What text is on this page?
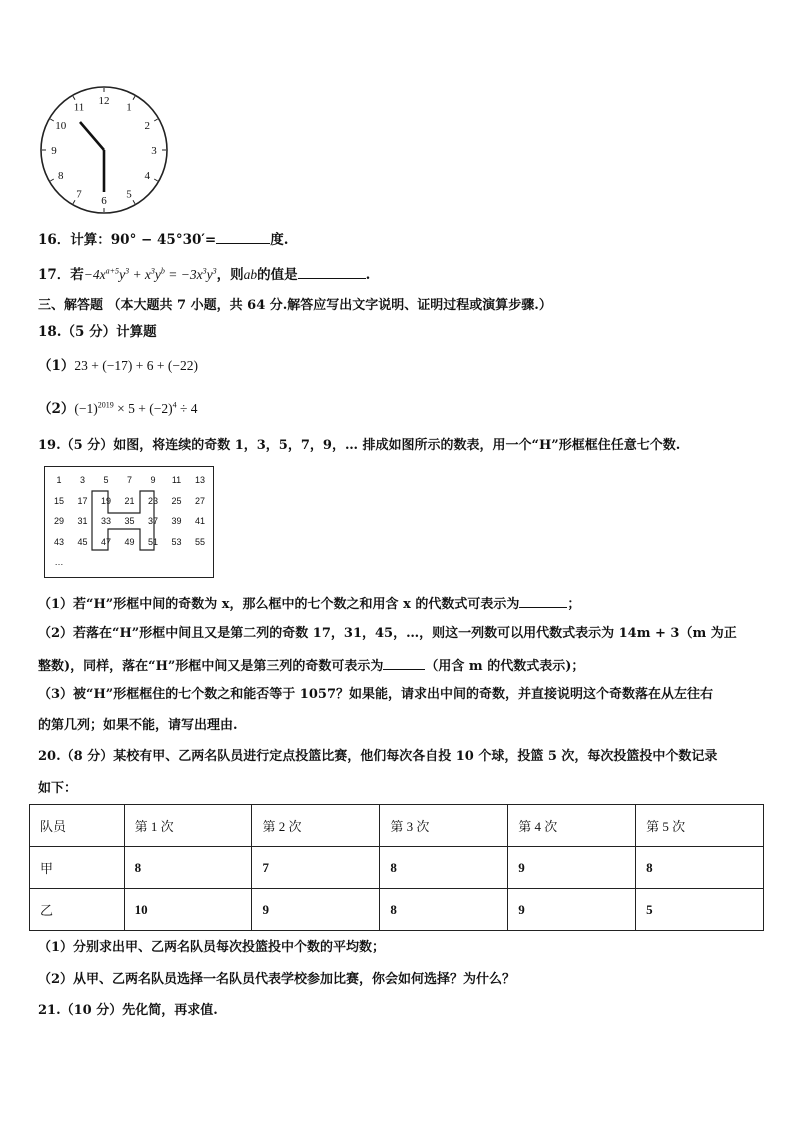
12
1
2
3
4
5
6
7
8
9
10
11
16．计算：90° − 45°30′=	度.
17．若$-4x^{a+5}y^3 + x^3y^b = -3x^3y^3$，则ab的值是	.
三、解答题 （本大题共 7 小题，共 64 分.解答应写出文字说明、证明过程或演算步骤.）
18.（5 分）计算题
（1）23 + (−17) + 6 + (−22)
$(2)(-1)^{2019} \times 5 + (-2)^4 \div 4$
19.（5 分）如图，将连续的奇数 1，3，5，7，9，… 排成如图所示的数表，用一个“H”形框框住任意七个数.
1	3	5	7	9	11	13
15	17	19	21	23	25	27
29	31	33	35	37	39	41
43	45	47	49	51	53	55
…
（1）若“H”形框中间的奇数为 x，那么框中的七个数之和用含 x 的代数式可表示为	；
（2）若落在“H”形框中间且又是第二列的奇数 17，31，45，…，则这一列数可以用代数式表示为 14m + 3（m 为正
整数)，同样，落在“H”形框中间又是第三列的奇数可表示为	（用含 m 的代数式表示)；
（3）被“H”形框框住的七个数之和能否等于 1057？如果能，请求出中间的奇数，并直接说明这个奇数落在从左往右
的第几列；如果不能，请写出理由.
20.（8 分）某校有甲、乙两名队员进行定点投篮比赛，他们每次各自投 10 个球，投篮 5 次，每次投篮投中个数记录
如下：
队员	第 1 次	第 2 次	第 3 次	第 4 次	第 5 次
甲	8	7	8	9	8
乙	10	9	8	9	5
（1）分别求出甲、乙两名队员每次投篮投中个数的平均数；
（2）从甲、乙两名队员选择一名队员代表学校参加比赛，你会如何选择？为什么？
21.（10 分）先化简，再求值.
